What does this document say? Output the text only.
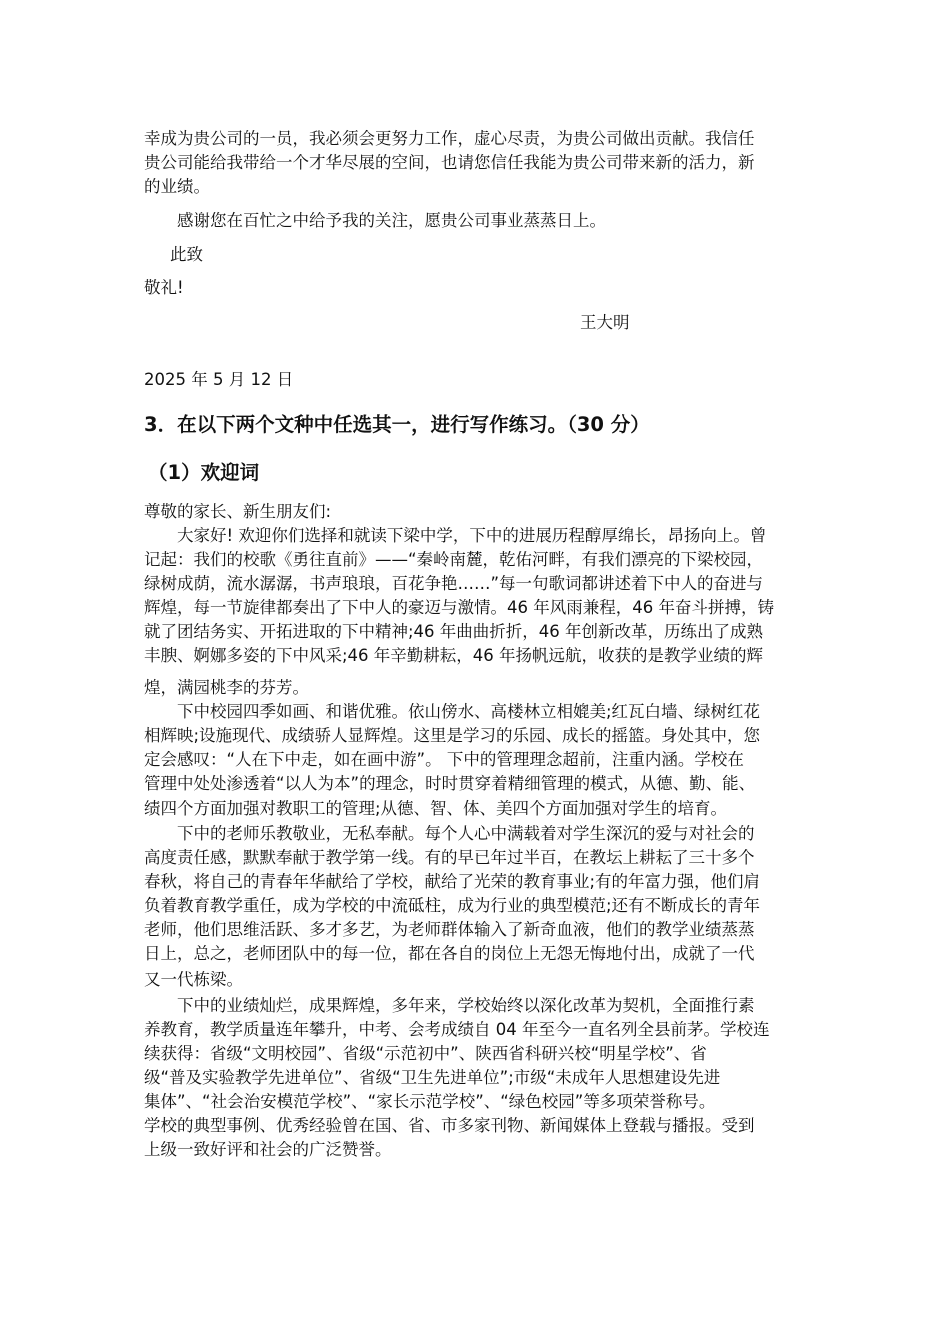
幸成为贵公司的一员，我必须会更努力工作，虚心尽责，为贵公司做出贡献。我信任
贵公司能给我带给一个才华尽展的空间，也请您信任我能为贵公司带来新的活力，新
的业绩。
感谢您在百忙之中给予我的关注，愿贵公司事业蒸蒸日上。
此致
敬礼!
王大明
2025 年 5 月 12 日
3．在以下两个文种中任选其一，进行写作练习。（30 分）
（1）欢迎词
尊敬的家长、新生朋友们:
大家好! 欢迎你们选择和就读下梁中学，下中的进展历程醇厚绵长，昂扬向上。曾
记起：我们的校歌《勇往直前》——“秦岭南麓，乾佑河畔，有我们漂亮的下梁校园，
绿树成荫，流水潺潺，书声琅琅，百花争艳……”每一句歌词都讲述着下中人的奋进与
辉煌，每一节旋律都奏出了下中人的豪迈与激情。46 年风雨兼程，46 年奋斗拼搏，铸
就了团结务实、开拓进取的下中精神;46 年曲曲折折，46 年创新改革，历练出了成熟
丰腴、婀娜多姿的下中风采;46 年辛勤耕耘，46 年扬帆远航，收获的是教学业绩的辉
煌，满园桃李的芬芳。
下中校园四季如画、和谐优雅。依山傍水、高楼林立相媲美;红瓦白墙、绿树红花
相辉映;设施现代、成绩骄人显辉煌。这里是学习的乐园、成长的摇篮。身处其中，您
定会感叹：“人在下中走，如在画中游”。 下中的管理理念超前，注重内涵。学校在
管理中处处渗透着“以人为本”的理念，时时贯穿着精细管理的模式，从德、勤、能、
绩四个方面加强对教职工的管理;从德、智、体、美四个方面加强对学生的培育。
下中的老师乐教敬业，无私奉献。每个人心中满载着对学生深沉的爱与对社会的
高度责任感，默默奉献于教学第一线。有的早已年过半百，在教坛上耕耘了三十多个
春秋，将自己的青春年华献给了学校，献给了光荣的教育事业;有的年富力强，他们肩
负着教育教学重任，成为学校的中流砥柱，成为行业的典型模范;还有不断成长的青年
老师，他们思维活跃、多才多艺，为老师群体输入了新奇血液，他们的教学业绩蒸蒸
日上，总之，老师团队中的每一位，都在各自的岗位上无怨无悔地付出，成就了一代
又一代栋梁。
下中的业绩灿烂，成果辉煌，多年来，学校始终以深化改革为契机，全面推行素
养教育，教学质量连年攀升，中考、会考成绩自 04 年至今一直名列全县前茅。学校连
续获得：省级“文明校园”、省级“示范初中”、陕西省科研兴校“明星学校”、省
级“普及实验教学先进单位”、省级“卫生先进单位”;市级“未成年人思想建设先进
集体”、“社会治安模范学校”、“家长示范学校”、“绿色校园”等多项荣誉称号。
学校的典型事例、优秀经验曾在国、省、市多家刊物、新闻媒体上登载与播报。受到
上级一致好评和社会的广泛赞誉。
